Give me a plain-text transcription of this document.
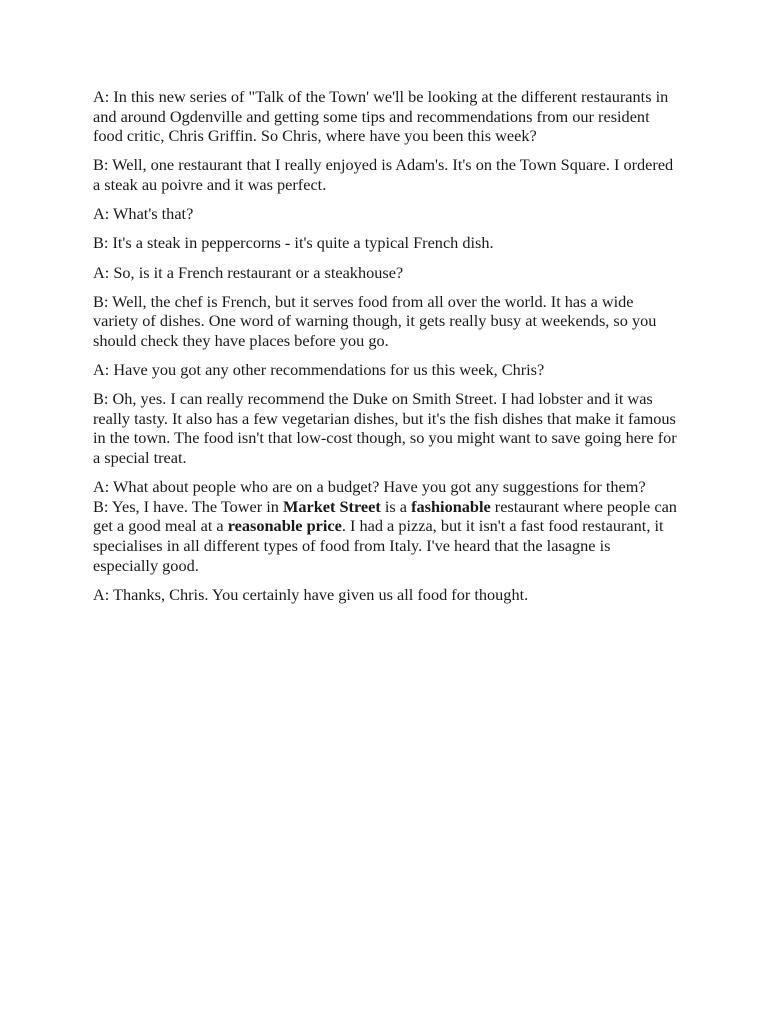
A: In this new series of "Talk of the Town' we'll be looking at the different restaurants in and around Ogdenville and getting some tips and recommendations from our resident food critic, Chris Griffin. So Chris, where have you been this week?

B: Well, one restaurant that I really enjoyed is Adam's. It's on the Town Square. I ordered a steak au poivre and it was perfect.

A: What's that?

B: It's a steak in peppercorns - it's quite a typical French dish.

A: So, is it a French restaurant or a steakhouse?

B: Well, the chef is French, but it serves food from all over the world. It has a wide variety of dishes. One word of warning though, it gets really busy at weekends, so you should check they have places before you go.

A: Have you got any other recommendations for us this week, Chris?

B: Oh, yes. I can really recommend the Duke on Smith Street. I had lobster and it was really tasty. It also has a few vegetarian dishes, but it's the fish dishes that make it famous in the town. The food isn't that low-cost though, so you might want to save going here for a special treat.

A: What about people who are on a budget? Have you got any suggestions for them?

B: Yes, I have. The Tower in Market Street is a fashionable restaurant where people can get a good meal at a reasonable price. I had a pizza, but it isn't a fast food restaurant, it specialises in all different types of food from Italy. I've heard that the lasagne is especially good.

A: Thanks, Chris. You certainly have given us all food for thought.
